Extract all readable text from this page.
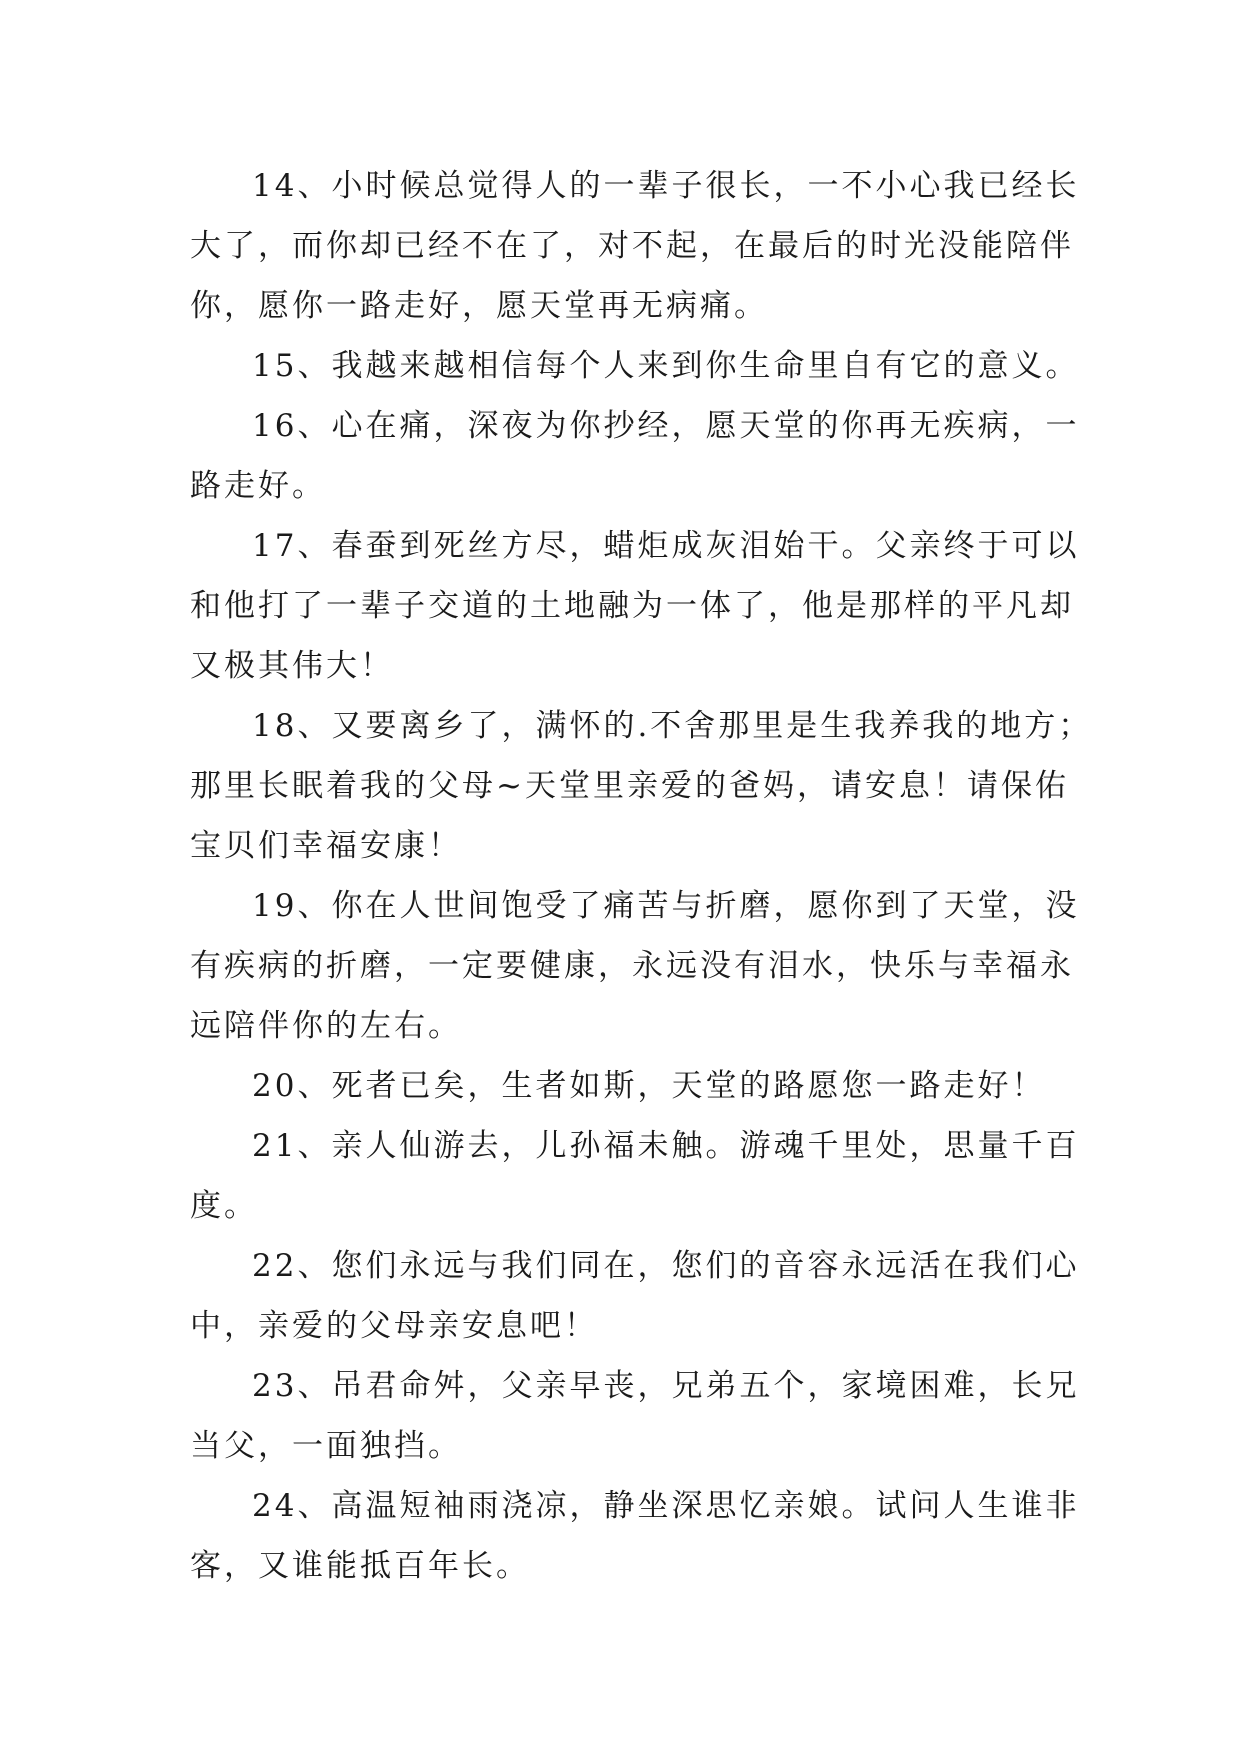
14、小时候总觉得人的一辈子很长，一不小心我已经长
大了，而你却已经不在了，对不起，在最后的时光没能陪伴
你，愿你一路走好，愿天堂再无病痛。

15、我越来越相信每个人来到你生命里自有它的意义。

16、心在痛，深夜为你抄经，愿天堂的你再无疾病，一
路走好。

17、春蚕到死丝方尽，蜡炬成灰泪始干。父亲终于可以
和他打了一辈子交道的土地融为一体了，他是那样的平凡却
又极其伟大！

18、又要离乡了，满怀的.不舍那里是生我养我的地方；
那里长眠着我的父母~天堂里亲爱的爸妈，请安息！请保佑
宝贝们幸福安康！

19、你在人世间饱受了痛苦与折磨，愿你到了天堂，没
有疾病的折磨，一定要健康，永远没有泪水，快乐与幸福永
远陪伴你的左右。

20、死者已矣，生者如斯，天堂的路愿您一路走好！

21、亲人仙游去，儿孙福未触。游魂千里处，思量千百
度。

22、您们永远与我们同在，您们的音容永远活在我们心
中，亲爱的父母亲安息吧！

23、吊君命舛，父亲早丧，兄弟五个，家境困难，长兄
当父，一面独挡。

24、高温短袖雨浇凉，静坐深思忆亲娘。试问人生谁非
客，又谁能抵百年长。
